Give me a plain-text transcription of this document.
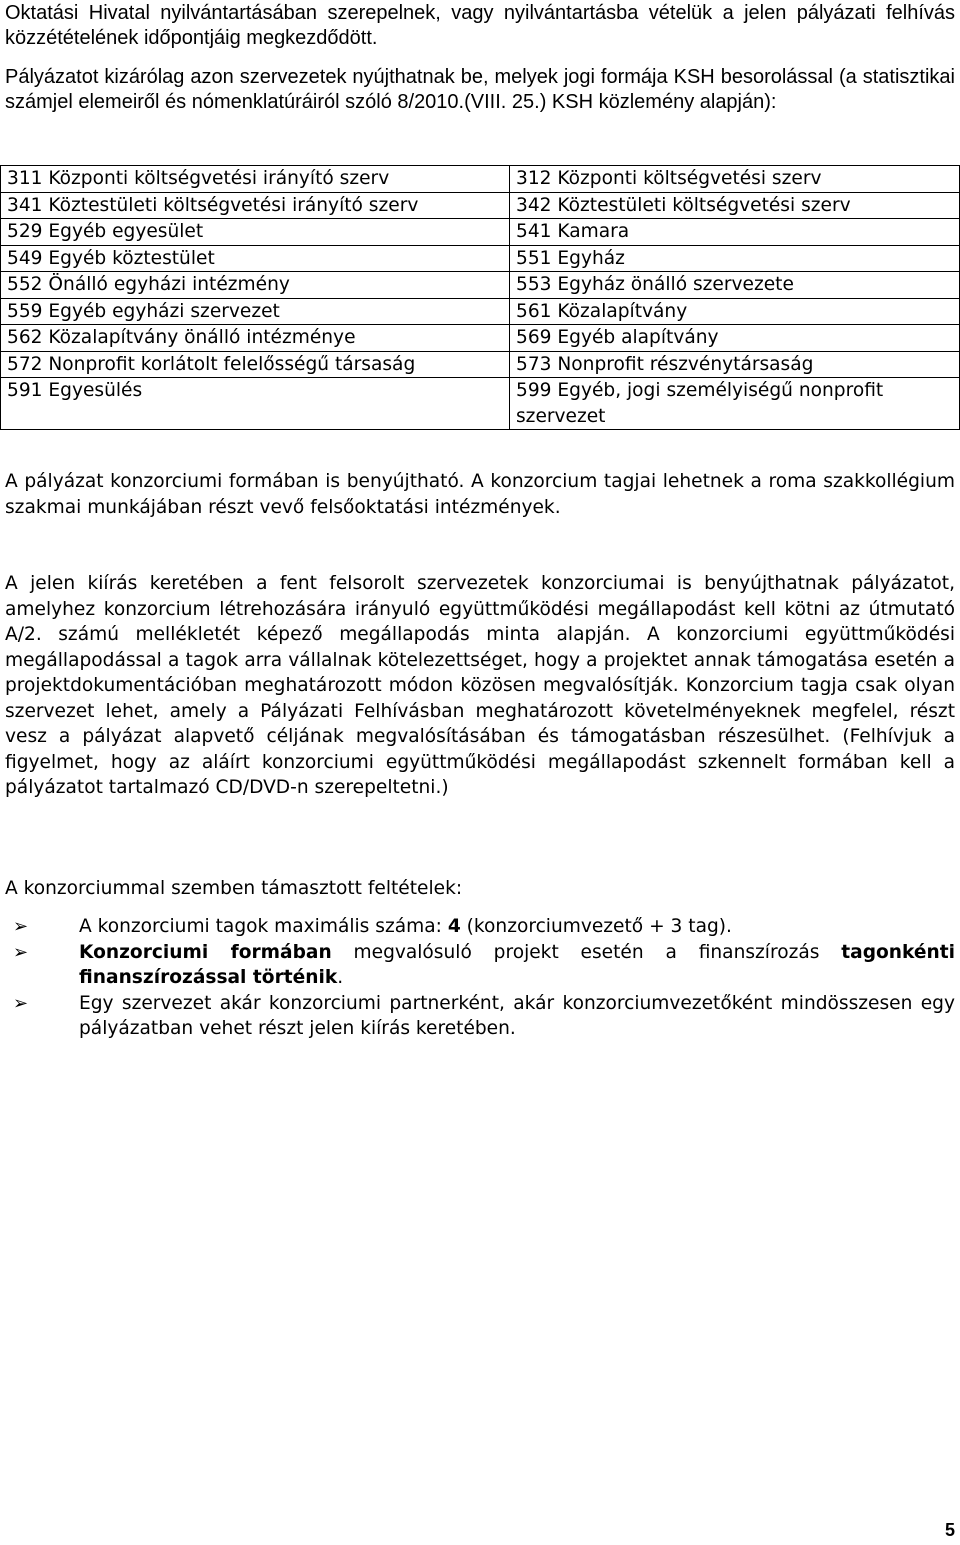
Oktatási Hivatal nyilvántartásában szerepelnek, vagy nyilvántartásba vételük a jelen pályázati felhívás közzétételének időpontjáig megkezdődött.

Pályázatot kizárólag azon szervezetek nyújthatnak be, melyek jogi formája KSH besorolással (a statisztikai számjel elemeiről és nómenklatúráiról szóló 8/2010.(VIII. 25.) KSH közlemény alapján):

311 Központi költségvetési irányító szerv	312 Központi költségvetési szerv
341 Köztestületi költségvetési irányító szerv	342 Köztestületi költségvetési szerv
529 Egyéb egyesület	541 Kamara
549 Egyéb köztestület	551 Egyház
552 Önálló egyházi intézmény	553 Egyház önálló szervezete
559 Egyéb egyházi szervezet	561 Közalapítvány
562 Közalapítvány önálló intézménye	569 Egyéb alapítvány
572 Nonprofit korlátolt felelősségű társaság	573 Nonprofit részvénytársaság
591 Egyesülés	599 Egyéb, jogi személyiségű nonprofit szervezet

A pályázat konzorciumi formában is benyújtható. A konzorcium tagjai lehetnek a roma szakkollégium szakmai munkájában részt vevő felsőoktatási intézmények.

A jelen kiírás keretében a fent felsorolt szervezetek konzorciumai is benyújthatnak pályázatot, amelyhez konzorcium létrehozására irányuló együttműködési megállapodást kell kötni az útmutató A/2. számú mellékletét képező megállapodás minta alapján. A konzorciumi együttműködési megállapodással a tagok arra vállalnak kötelezettséget, hogy a projektet annak támogatása esetén a projektdokumentációban meghatározott módon közösen megvalósítják. Konzorcium tagja csak olyan szervezet lehet, amely a Pályázati Felhívásban meghatározott követelményeknek megfelel, részt vesz a pályázat alapvető céljának megvalósításában és támogatásban részesülhet. (Felhívjuk a figyelmet, hogy az aláírt konzorciumi együttműködési megállapodást szkennelt formában kell a pályázatot tartalmazó CD/DVD-n szerepeltetni.)

A konzorciummal szemben támasztott feltételek:

➢	A konzorciumi tagok maximális száma: 4 (konzorciumvezető + 3 tag).
➢	Konzorciumi formában megvalósuló projekt esetén a finanszírozás tagonkénti finanszírozással történik.
➢	Egy szervezet akár konzorciumi partnerként, akár konzorciumvezetőként mindösszesen egy pályázatban vehet részt jelen kiírás keretében.
5
